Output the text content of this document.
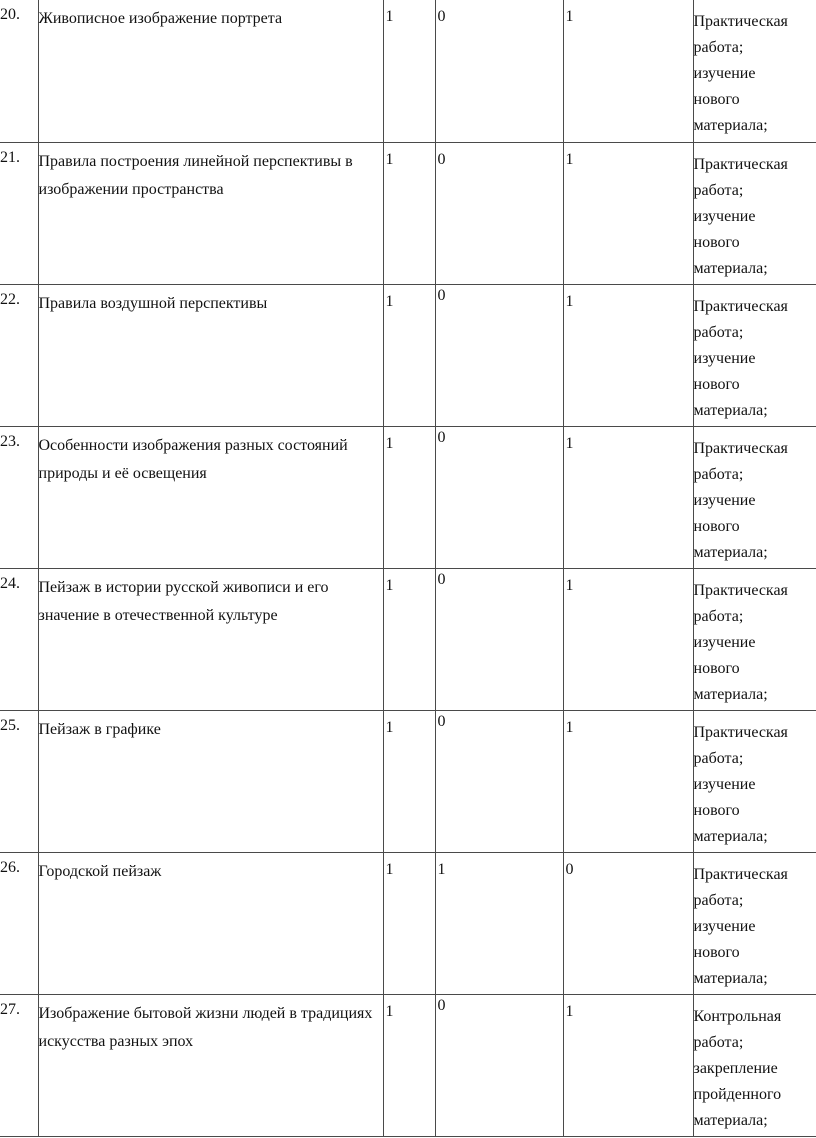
20.	Живописное изображение портрета	1	0	1	Практическая
работа;
изучение
нового
материала;

21.	Правила построения линейной перспективы в изображении пространства	1	0	1	Практическая
работа;
изучение
нового
материала;

22.	Правила воздушной перспективы	1	0	1	Практическая
работа;
изучение
нового
материала;

23.	Особенности изображения разных состояний природы и её освещения	1	0	1	Практическая
работа;
изучение
нового
материала;

24.	Пейзаж в истории русской живописи и его значение в отечественной культуре	1	0	1	Практическая
работа;
изучение
нового
материала;

25.	Пейзаж в графике	1	0	1	Практическая
работа;
изучение
нового
материала;

26.	Городской пейзаж	1	1	0	Практическая
работа;
изучение
нового
материала;

27.	Изображение бытовой жизни людей в традициях искусства разных эпох	1	0	1	Контрольная
работа;
закрепление
пройденного
материала;
